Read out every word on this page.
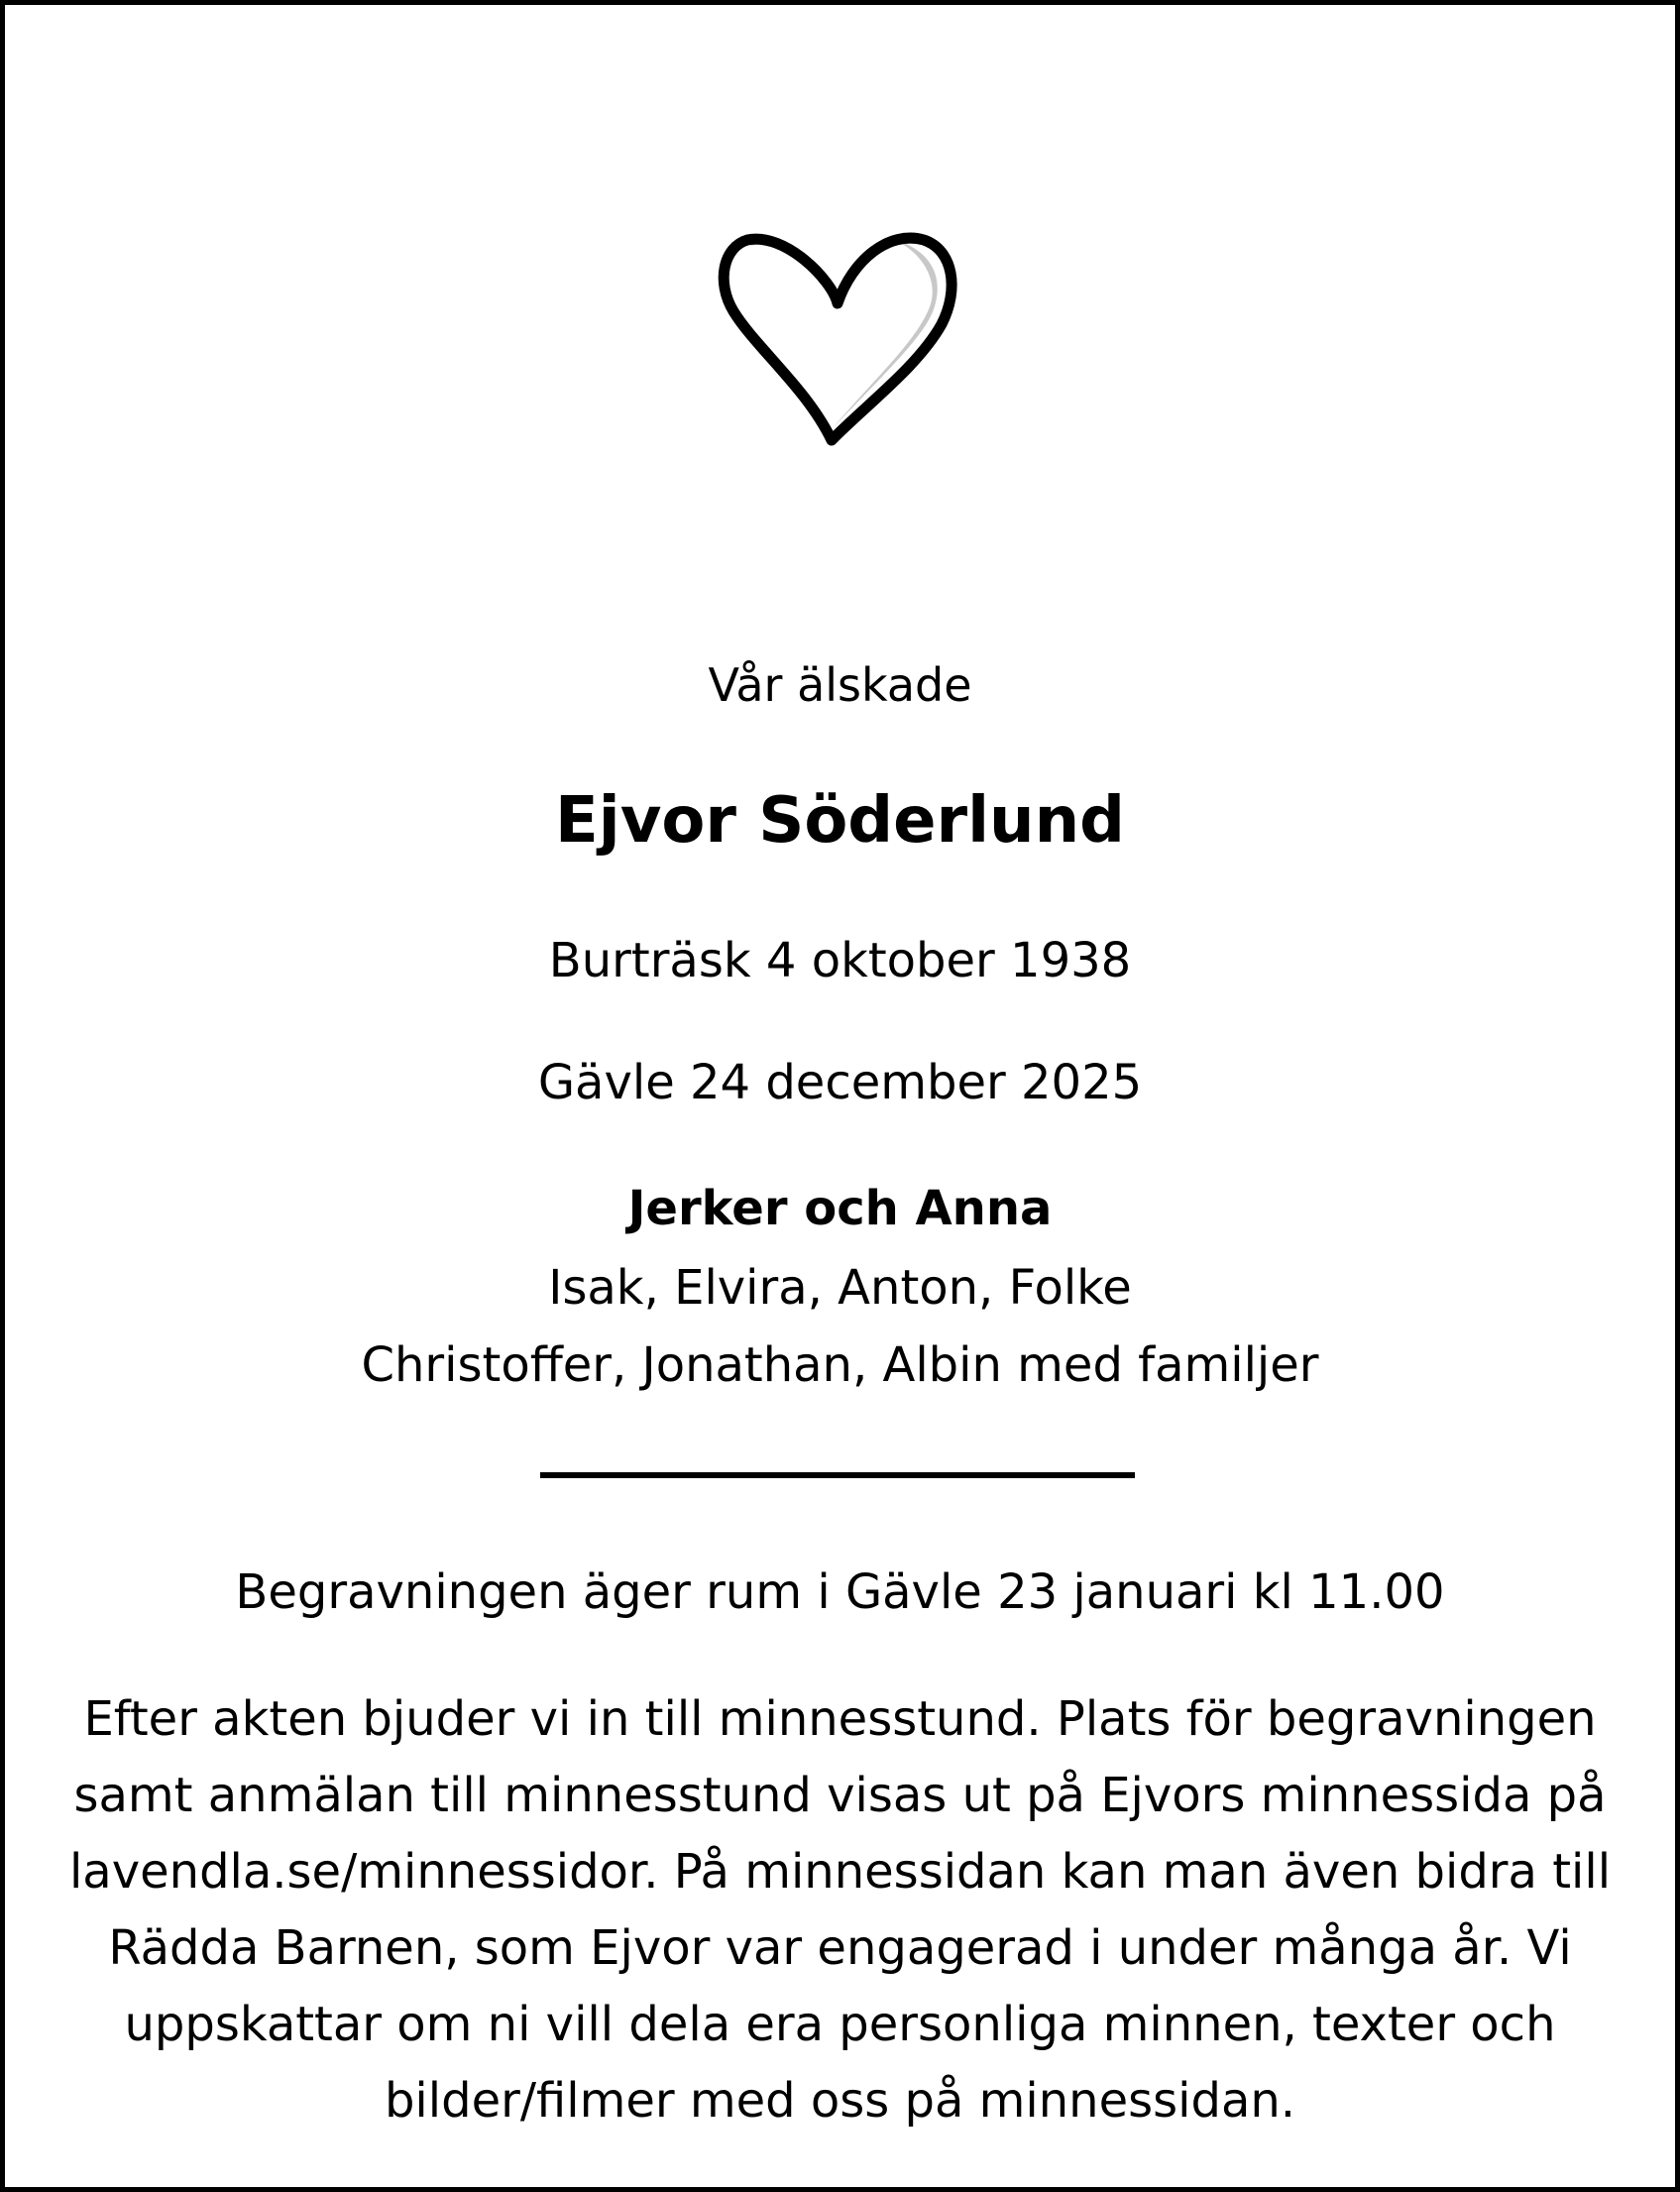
Vår älskade
Ejvor Söderlund
Burträsk 4 oktober 1938
Gävle 24 december 2025
Jerker och Anna
Isak, Elvira, Anton, Folke
Christoffer, Jonathan, Albin med familjer
Begravningen äger rum i Gävle 23 januari kl 11.00
Efter akten bjuder vi in till minnesstund. Plats för begravningen
samt anmälan till minnesstund visas ut på Ejvors minnessida på
lavendla.se/minnessidor. På minnessidan kan man även bidra till
Rädda Barnen, som Ejvor var engagerad i under många år. Vi
uppskattar om ni vill dela era personliga minnen, texter och
bilder/filmer med oss på minnessidan.
